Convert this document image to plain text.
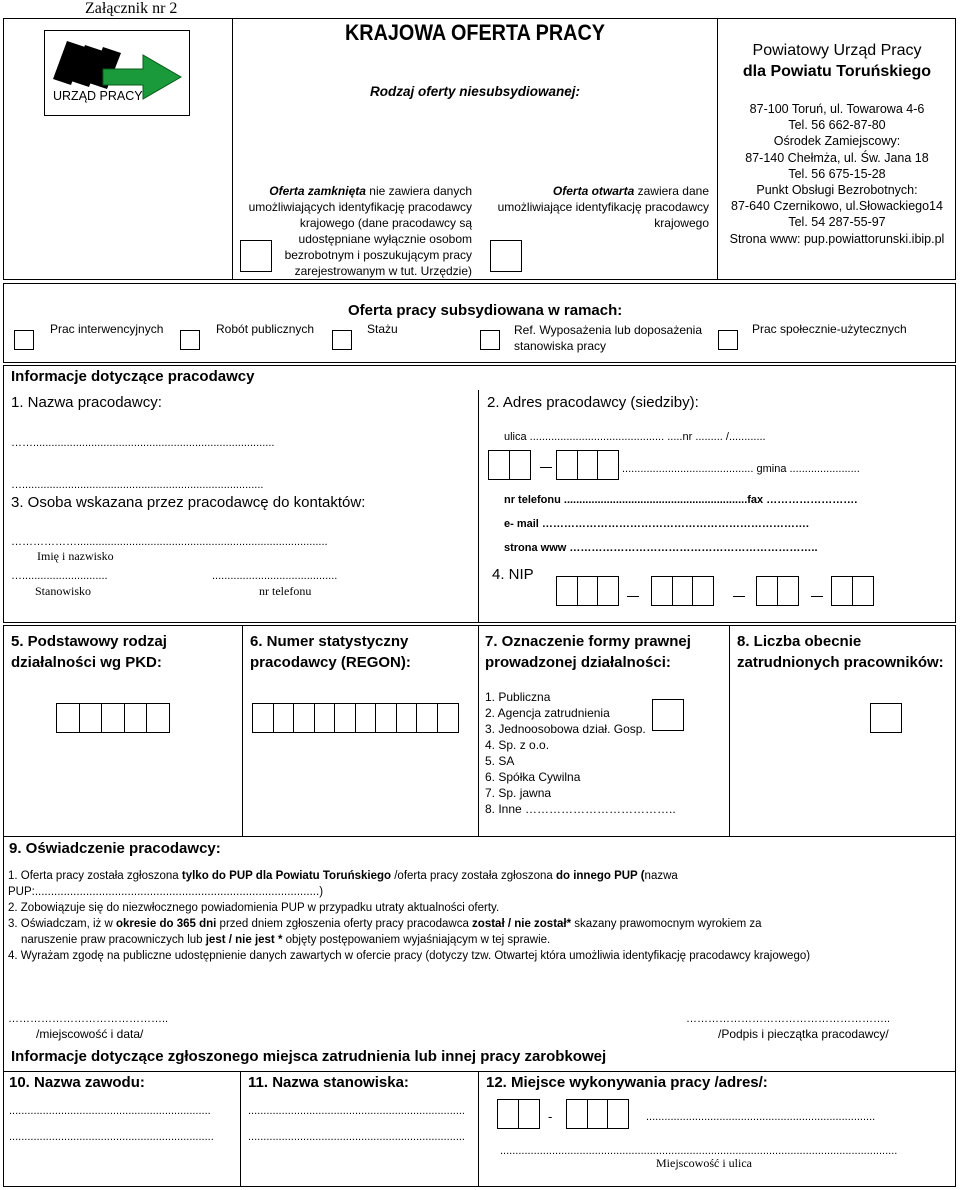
Załącznik nr 2
URZĄD PRACY
KRAJOWA OFERTA PRACY
Rodzaj oferty niesubsydiowanej:
Oferta zamknięta nie zawiera danych umożliwiających identyfikację pracodawcy krajowego (dane pracodawcy są udostępniane wyłącznie osobom bezrobotnym i poszukującym pracy zarejestrowanym w tut. Urzędzie)
Oferta otwarta zawiera dane umożliwiające identyfikację pracodawcy krajowego
Powiatowy Urząd Pracy
dla Powiatu Toruńskiego
87-100 Toruń, ul. Towarowa 4-6
Tel. 56 662-87-80
Ośrodek Zamiejscowy:
87-140 Chełmża, ul. Św. Jana 18
Tel. 56 675-15-28
Punkt Obsługi Bezrobotnych:
87-640 Czernikowo, ul.Słowackiego14
Tel. 54 287-55-97
Strona www: pup.powiattorunski.ibip.pl
Oferta pracy subsydiowana w ramach:
Prac interwencyjnych	Robót publicznych	Stażu	Ref. Wyposażenia lub doposażenia stanowiska pracy
Prac społecznie-użytecznych
Informacje dotyczące pracodawcy
1. Nazwa pracodawcy:
……...............................................................................
…...............................................................................
3. Osoba wskazana przez pracodawcę do kontaktów:
………………..................................................................................
Imię i nazwisko
…............................	.........................................
Stanowisko	nr telefonu
2. Adres pracodawcy (siedziby):
ulica ............................................ .....nr ......... /............
........................................... gmina .......................
nr telefonu ............................................................fax …………………….
e- mail ……………………………………………………………….
strona www …………………………………………………………..
4. NIP
5. Podstawowy rodzaj działalności wg PKD:
6. Numer statystyczny pracodawcy (REGON):
7. Oznaczenie formy prawnej prowadzonej działalności:
1. Publiczna
2. Agencja zatrudnienia
3. Jednoosobowa dział. Gosp.
4. Sp. z o.o.
5. SA
6. Spółka Cywilna
7. Sp. jawna
8. Inne ………………………………..
8. Liczba obecnie zatrudnionych pracowników:
9. Oświadczenie pracodawcy:
1. Oferta pracy została zgłoszona tylko do PUP dla Powiatu Toruńskiego /oferta pracy została zgłoszona do innego PUP (nazwa PUP:.........................................................................................)
2. Zobowiązuje się do niezwłocznego powiadomienia PUP w przypadku utraty aktualności oferty.
3. Oświadczam, iż w okresie do 365 dni przed dniem zgłoszenia oferty pracy pracodawca został / nie został* skazany prawomocnym wyrokiem za
naruszenie praw pracowniczych lub jest / nie jest * objęty postępowaniem wyjaśniającym w tej sprawie.
4. Wyrażam zgodę na publiczne udostępnienie danych zawartych w ofercie pracy (dotyczy tzw. Otwartej która umożliwia identyfikację pracodawcy krajowego)
……………………………………..
/miejscowość i data/
………………………………………………..
/Podpis i pieczątka pracodawcy/
Informacje dotyczące zgłoszonego miejsca zatrudnienia lub innej pracy zarobkowej
10. Nazwa zawodu:
..................................................................
...................................................................
11. Nazwa stanowiska:
.......................................................................
.......................................................................
12. Miejsce wykonywania pracy /adres/:
-	...........................................................................
..................................................................................................................................
Miejscowość i ulica
